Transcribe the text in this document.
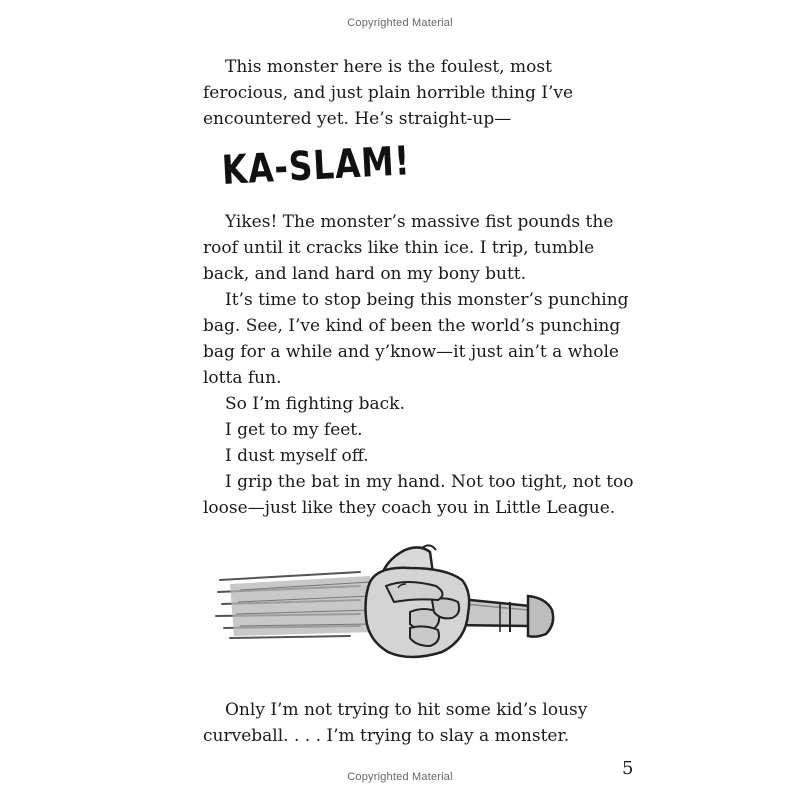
Copyrighted Material

This monster here is the foulest, most

ferocious, and just plain horrible thing I’ve

encountered yet. He’s straight-up—

KA-SLAM!

Yikes! The monster’s massive fist pounds the

roof until it cracks like thin ice. I trip, tumble

back, and land hard on my bony butt.

It’s time to stop being this monster’s punching

bag. See, I’ve kind of been the world’s punching

bag for a while and y’know—it just ain’t a whole

lotta fun.

So I’m fighting back.

I get to my feet.

I dust myself off.

I grip the bat in my hand. Not too tight, not too

loose—just like they coach you in Little League.

Only I’m not trying to hit some kid’s lousy

curveball. . . . I’m trying to slay a monster.

5
Copyrighted Material
